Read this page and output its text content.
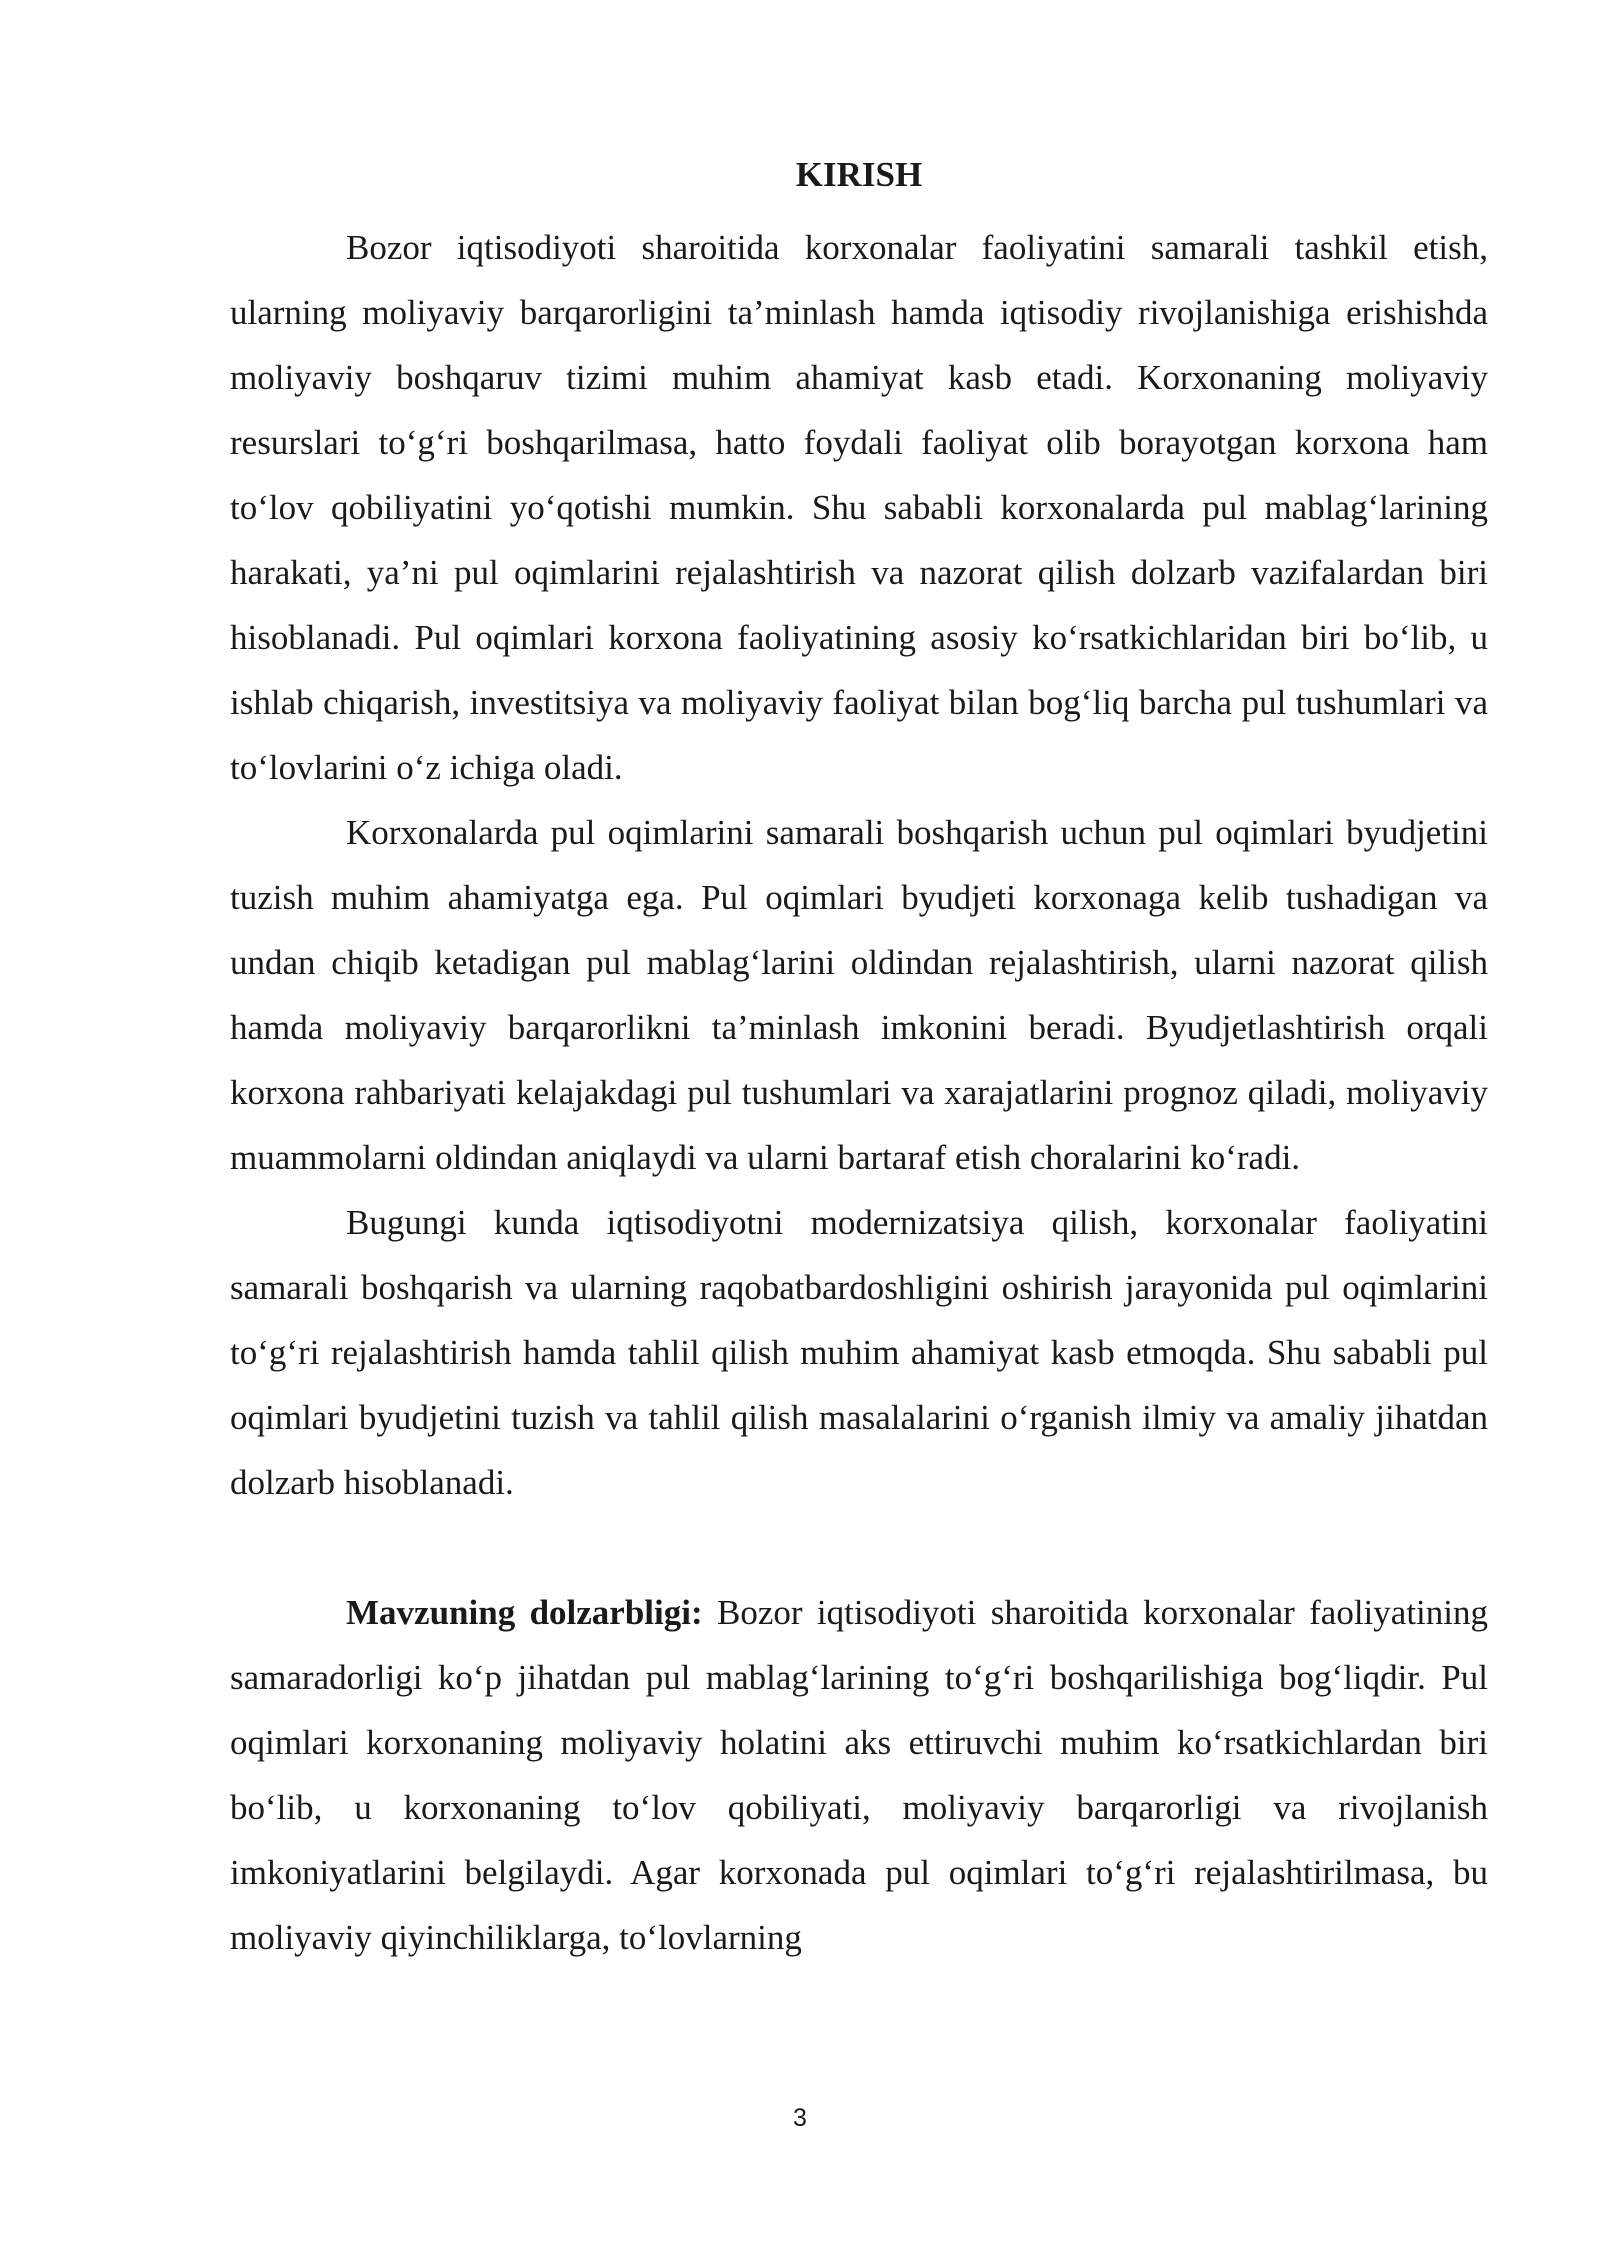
KIRISH

Bozor iqtisodiyoti sharoitida korxonalar faoliyatini samarali tashkil etish, ularning moliyaviy barqarorligini ta’minlash hamda iqtisodiy rivojlanishiga erishishda moliyaviy boshqaruv tizimi muhim ahamiyat kasb etadi. Korxonaning moliyaviy resurslari to‘g‘ri boshqarilmasa, hatto foydali faoliyat olib borayotgan korxona ham to‘lov qobiliyatini yo‘qotishi mumkin. Shu sababli korxonalarda pul mablag‘larining harakati, ya’ni pul oqimlarini rejalashtirish va nazorat qilish dolzarb vazifalardan biri hisoblanadi. Pul oqimlari korxona faoliyatining asosiy ko‘rsatkichlaridan biri bo‘lib, u ishlab chiqarish, investitsiya va moliyaviy faoliyat bilan bog‘liq barcha pul tushumlari va to‘lovlarini o‘z ichiga oladi.

Korxonalarda pul oqimlarini samarali boshqarish uchun pul oqimlari byudjetini tuzish muhim ahamiyatga ega. Pul oqimlari byudjeti korxonaga kelib tushadigan va undan chiqib ketadigan pul mablag‘larini oldindan rejalashtirish, ularni nazorat qilish hamda moliyaviy barqarorlikni ta’minlash imkonini beradi. Byudjetlashtirish orqali korxona rahbariyati kelajakdagi pul tushumlari va xarajatlarini prognoz qiladi, moliyaviy muammolarni oldindan aniqlaydi va ularni bartaraf etish choralarini ko‘radi.

Bugungi kunda iqtisodiyotni modernizatsiya qilish, korxonalar faoliyatini samarali boshqarish va ularning raqobatbardoshligini oshirish jarayonida pul oqimlarini to‘g‘ri rejalashtirish hamda tahlil qilish muhim ahamiyat kasb etmoqda. Shu sababli pul oqimlari byudjetini tuzish va tahlil qilish masalalarini o‘rganish ilmiy va amaliy jihatdan dolzarb hisoblanadi.

Mavzuning dolzarbligi: Bozor iqtisodiyoti sharoitida korxonalar faoliyatining samaradorligi ko‘p jihatdan pul mablag‘larining to‘g‘ri boshqarilishiga bog‘liqdir. Pul oqimlari korxonaning moliyaviy holatini aks ettiruvchi muhim ko‘rsatkichlardan biri bo‘lib, u korxonaning to‘lov qobiliyati, moliyaviy barqarorligi va rivojlanish imkoniyatlarini belgilaydi. Agar korxonada pul oqimlari to‘g‘ri rejalashtirilmasa, bu moliyaviy qiyinchiliklarga, to‘lovlarning

3
